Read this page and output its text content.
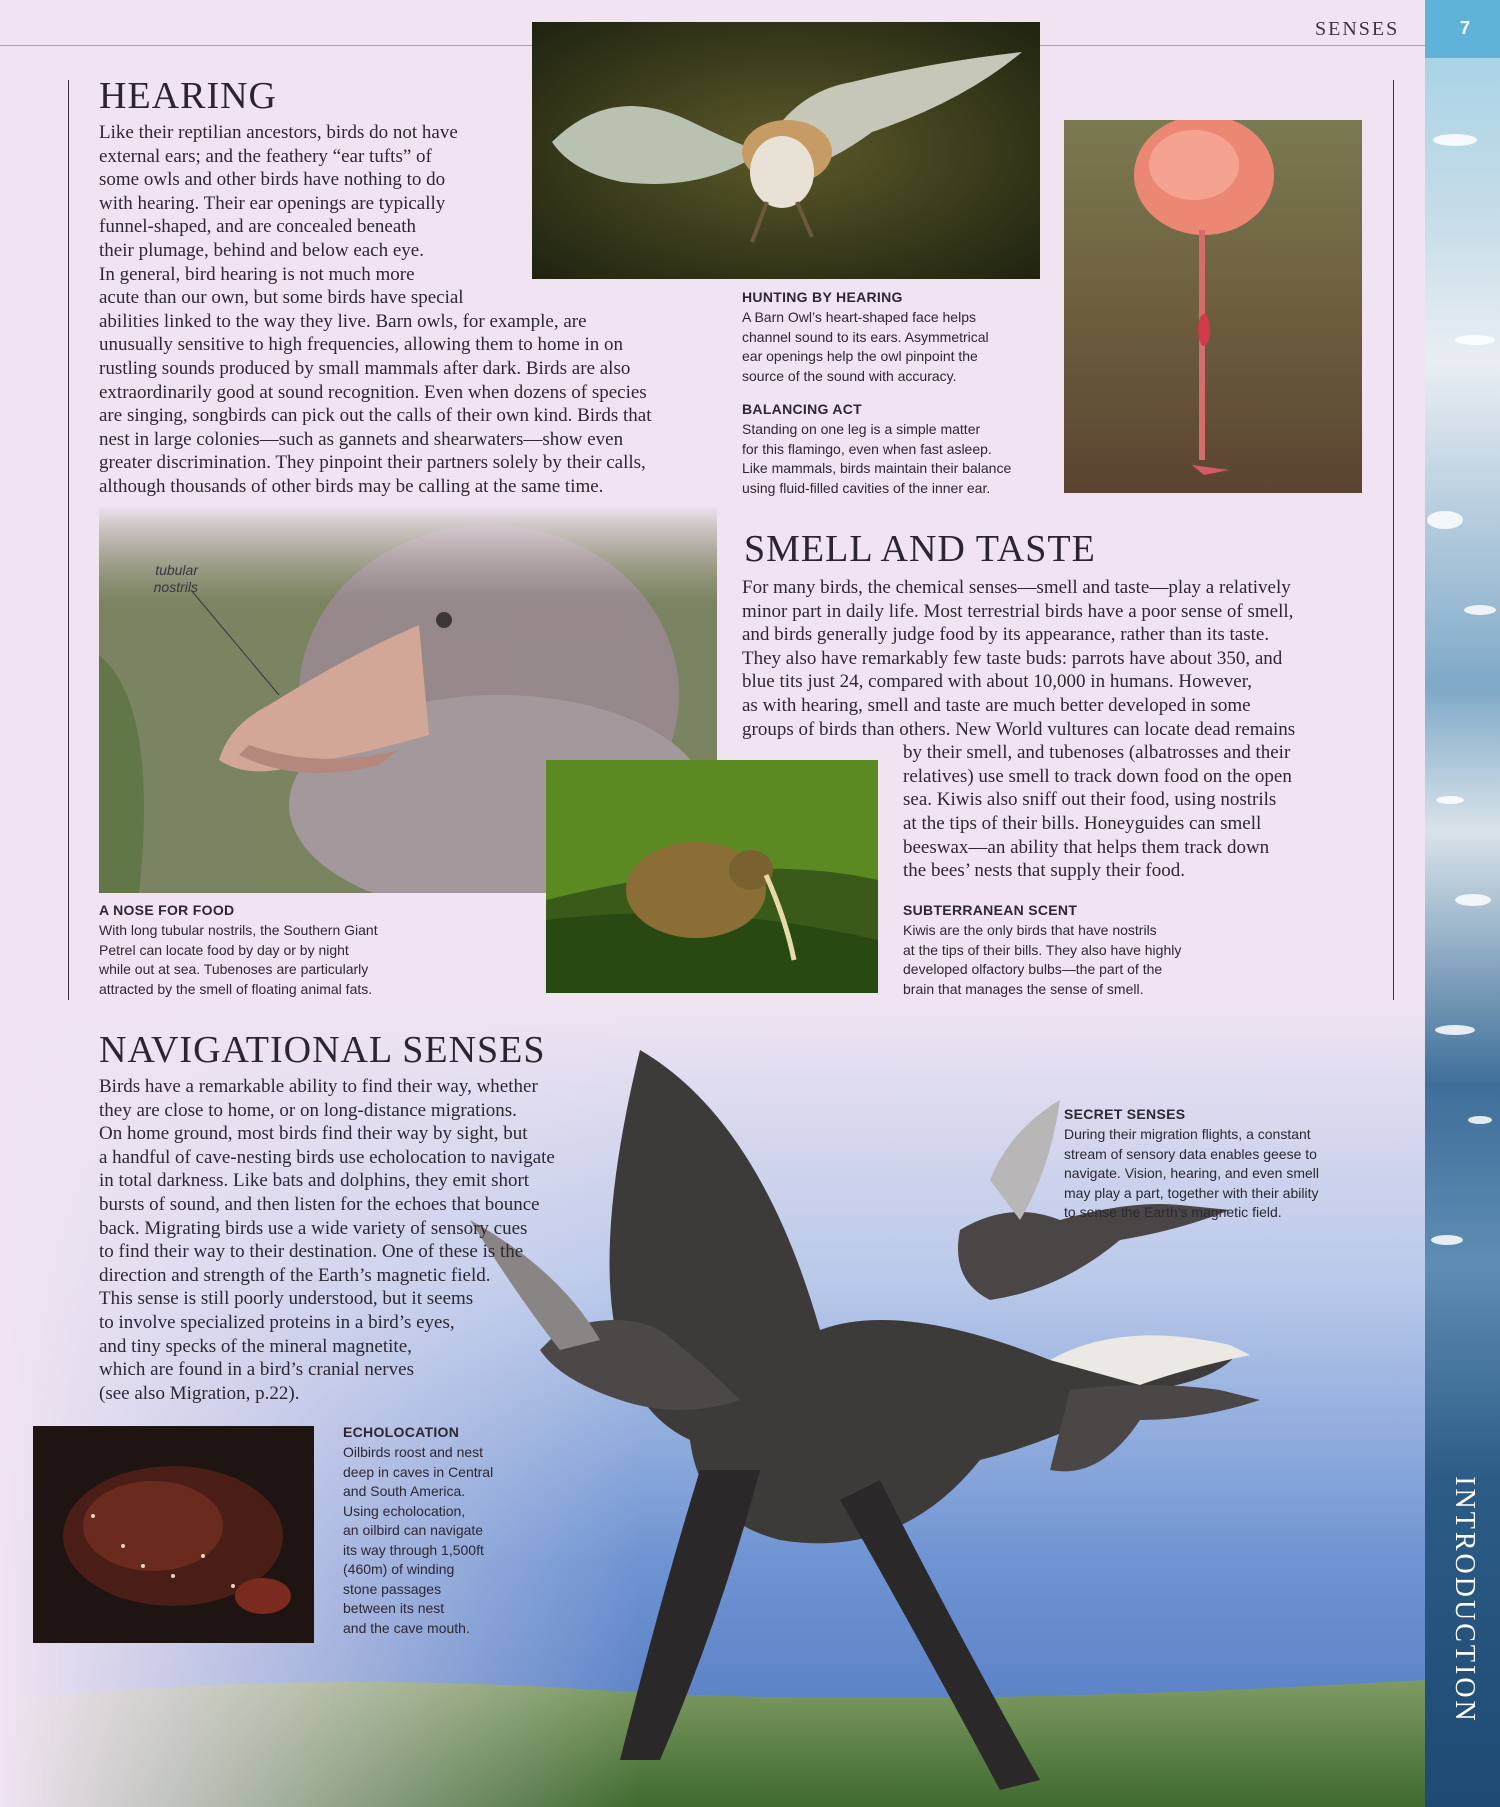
7
SENSES
INTRODUCTION
HEARING
Like their reptilian ancestors, birds do not have
external ears; and the feathery “ear tufts” of
some owls and other birds have nothing to do
with hearing. Their ear openings are typically
funnel-shaped, and are concealed beneath
their plumage, behind and below each eye.
In general, bird hearing is not much more
acute than our own, but some birds have special
abilities linked to the way they live. Barn owls, for example, are
unusually sensitive to high frequencies, allowing them to home in on
rustling sounds produced by small mammals after dark. Birds are also
extraordinarily good at sound recognition. Even when dozens of species
are singing, songbirds can pick out the calls of their own kind. Birds that
nest in large colonies—such as gannets and shearwaters—show even
greater discrimination. They pinpoint their partners solely by their calls,
although thousands of other birds may be calling at the same time.
HUNTING BY HEARING
A Barn Owl’s heart-shaped face helps
channel sound to its ears. Asymmetrical
ear openings help the owl pinpoint the
source of the sound with accuracy.
BALANCING ACT
Standing on one leg is a simple matter
for this flamingo, even when fast asleep.
Like mammals, birds maintain their balance
using fluid-filled cavities of the inner ear.
tubular
nostrils
A NOSE FOR FOOD
With long tubular nostrils, the Southern Giant
Petrel can locate food by day or by night
while out at sea. Tubenoses are particularly
attracted by the smell of floating animal fats.
SUBTERRANEAN SCENT
Kiwis are the only birds that have nostrils
at the tips of their bills. They also have highly
developed olfactory bulbs—the part of the
brain that manages the sense of smell.
SMELL AND TASTE
For many birds, the chemical senses—smell and taste—play a relatively
minor part in daily life. Most terrestrial birds have a poor sense of smell,
and birds generally judge food by its appearance, rather than its taste.
They also have remarkably few taste buds: parrots have about 350, and
blue tits just 24, compared with about 10,000 in humans. However,
as with hearing, smell and taste are much better developed in some
groups of birds than others. New World vultures can locate dead remains
by their smell, and tubenoses (albatrosses and their
relatives) use smell to track down food on the open
sea. Kiwis also sniff out their food, using nostrils
at the tips of their bills. Honeyguides can smell
beeswax—an ability that helps them track down
the bees’ nests that supply their food.
NAVIGATIONAL SENSES
Birds have a remarkable ability to find their way, whether
they are close to home, or on long-distance migrations.
On home ground, most birds find their way by sight, but
a handful of cave-nesting birds use echolocation to navigate
in total darkness. Like bats and dolphins, they emit short
bursts of sound, and then listen for the echoes that bounce
back. Migrating birds use a wide variety of sensory cues
to find their way to their destination. One of these is the
direction and strength of the Earth’s magnetic field.
This sense is still poorly understood, but it seems
to involve specialized proteins in a bird’s eyes,
and tiny specks of the mineral magnetite,
which are found in a bird’s cranial nerves
(see also Migration, p.22).
SECRET SENSES
During their migration flights, a constant
stream of sensory data enables geese to
navigate. Vision, hearing, and even smell
may play a part, together with their ability
to sense the Earth’s magnetic field.
ECHOLOCATION
Oilbirds roost and nest
deep in caves in Central
and South America.
Using echolocation,
an oilbird can navigate
its way through 1,500ft
(460m) of winding
stone passages
between its nest
and the cave mouth.
